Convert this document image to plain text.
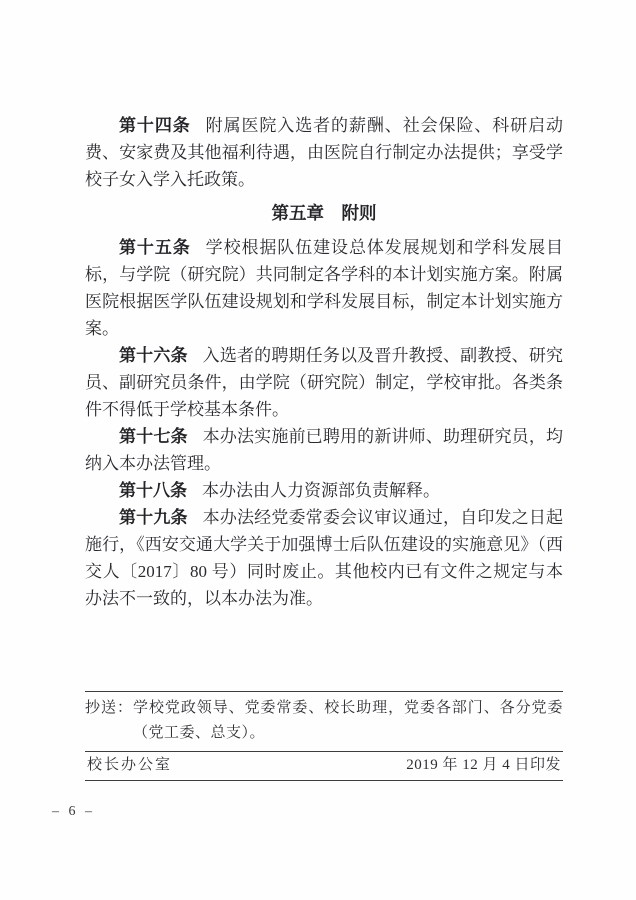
第十四条 附属医院入选者的薪酬、社会保险、科研启动费、安家费及其他福利待遇，由医院自行制定办法提供；享受学校子女入学入托政策。

第五章　附则

第十五条 学校根据队伍建设总体发展规划和学科发展目标，与学院（研究院）共同制定各学科的本计划实施方案。附属医院根据医学队伍建设规划和学科发展目标，制定本计划实施方案。

第十六条 入选者的聘期任务以及晋升教授、副教授、研究员、副研究员条件，由学院（研究院）制定，学校审批。各类条件不得低于学校基本条件。

第十七条 本办法实施前已聘用的新讲师、助理研究员，均纳入本办法管理。

第十八条 本办法由人力资源部负责解释。

第十九条 本办法经党委常委会议审议通过，自印发之日起施行，《西安交通大学关于加强博士后队伍建设的实施意见》（西交人〔2017〕80 号）同时废止。其他校内已有文件之规定与本办法不一致的，以本办法为准。

抄送： 学校党政领导、党委常委、校长助理，党委各部门、各分党委（党工委、总支）。
校长办公室	2019 年 12 月 4 日印发
– 6 –
